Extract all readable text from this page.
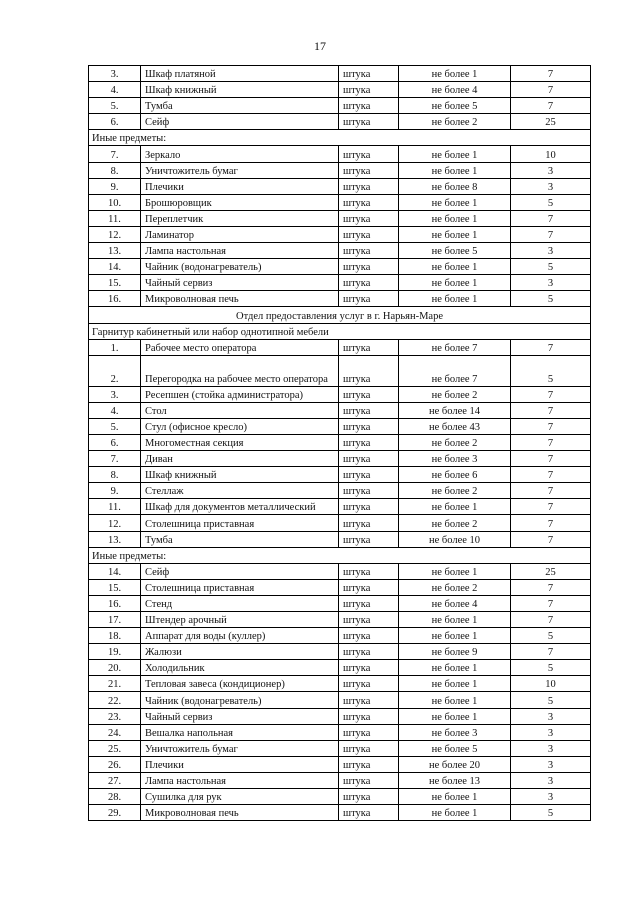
17
3.	Шкаф платяной	штука	не более 1	7
4.	Шкаф книжный	штука	не более 4	7
5.	Тумба	штука	не более 5	7
6.	Сейф	штука	не более 2	25
Иные предметы:				
7.	Зеркало	штука	не более 1	10
8.	Уничтожитель бумаг	штука	не более 1	3
9.	Плечики	штука	не более 8	3
10.	Брошюровщик	штука	не более 1	5
11.	Переплетчик	штука	не более 1	7
12.	Ламинатор	штука	не более 1	7
13.	Лампа настольная	штука	не более 5	3
14.	Чайник (водонагреватель)	штука	не более 1	5
15.	Чайный сервиз	штука	не более 1	3
16.	Микроволновая печь	штука	не более 1	5
Отдел предоставления услуг в г. Нарьян-Маре				
Гарнитур кабинетный или набор однотипной мебели				
1.	Рабочее место оператора	штука	не более 7	7
2.	Перегородка на рабочее место оператора	штука	не более 7	5
3.	Ресепшен (стойка администратора)	штука	не более 2	7
4.	Стол	штука	не более 14	7
5.	Стул (офисное кресло)	штука	не более 43	7
6.	Многоместная секция	штука	не более 2	7
7.	Диван	штука	не более 3	7
8.	Шкаф книжный	штука	не более 6	7
9.	Стеллаж	штука	не более 2	7
11.	Шкаф для документов металлический	штука	не более 1	7
12.	Столешница приставная	штука	не более 2	7
13.	Тумба	штука	не более 10	7
Иные предметы:				
14.	Сейф	штука	не более 1	25
15.	Столешница приставная	штука	не более 2	7
16.	Стенд	штука	не более 4	7
17.	Штендер арочный	штука	не более 1	7
18.	Аппарат для воды (куллер)	штука	не более 1	5
19.	Жалюзи	штука	не более 9	7
20.	Холодильник	штука	не более 1	5
21.	Тепловая завеса (кондиционер)	штука	не более 1	10
22.	Чайник (водонагреватель)	штука	не более 1	5
23.	Чайный сервиз	штука	не более 1	3
24.	Вешалка напольная	штука	не более 3	3
25.	Уничтожитель бумаг	штука	не более 5	3
26.	Плечики	штука	не более 20	3
27.	Лампа настольная	штука	не более 13	3
28.	Сушилка для рук	штука	не более 1	3
29.	Микроволновая печь	штука	не более 1	5
